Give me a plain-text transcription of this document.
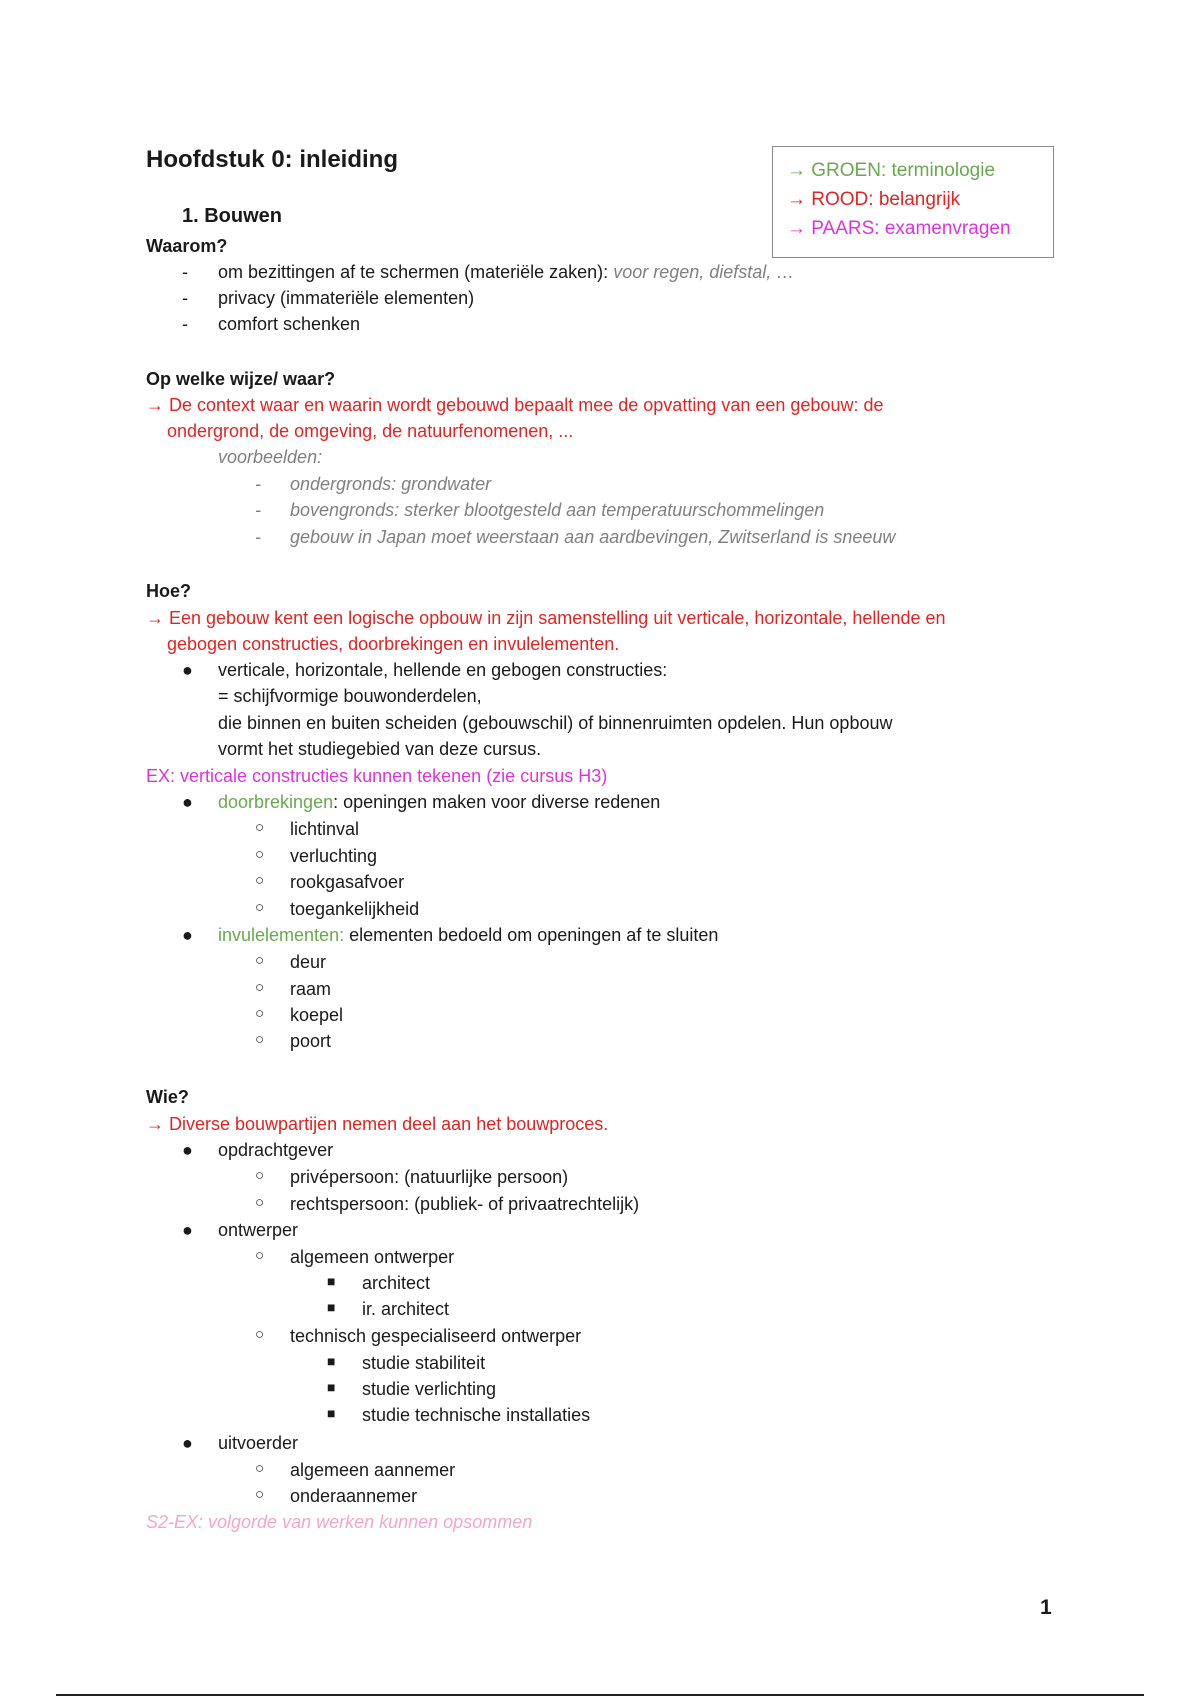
Hoofdstuk 0: inleiding	→ GROEN: terminologie
→ ROOD: belangrijk
→ PAARS: examenvragen
1. Bouwen
Waarom?
- om bezittingen af te schermen (materiële zaken): voor regen, diefstal, …
- privacy (immateriële elementen)
- comfort schenken
Op welke wijze/ waar?
→ De context waar en waarin wordt gebouwd bepaalt mee de opvatting van een gebouw: de
ondergrond, de omgeving, de natuurfenomenen, ...
voorbeelden:
- ondergronds: grondwater
- bovengronds: sterker blootgesteld aan temperatuurschommelingen
- gebouw in Japan moet weerstaan aan aardbevingen, Zwitserland is sneeuw
Hoe?
→ Een gebouw kent een logische opbouw in zijn samenstelling uit verticale, horizontale, hellende en
gebogen constructies, doorbrekingen en invulelementen.
● verticale, horizontale, hellende en gebogen constructies:
= schijfvormige bouwonderdelen,
die binnen en buiten scheiden (gebouwschil) of binnenruimten opdelen. Hun opbouw
vormt het studiegebied van deze cursus.
EX: verticale constructies kunnen tekenen (zie cursus H3)
● doorbrekingen: openingen maken voor diverse redenen
○ lichtinval
○ verluchting
○ rookgasafvoer
○ toegankelijkheid
● invulelementen: elementen bedoeld om openingen af te sluiten
○ deur
○ raam
○ koepel
○ poort
Wie?
→ Diverse bouwpartijen nemen deel aan het bouwproces.
● opdrachtgever
○ privépersoon: (natuurlijke persoon)
○ rechtspersoon: (publiek- of privaatrechtelijk)
● ontwerper
○ algemeen ontwerper
■ architect
■ ir. architect
○ technisch gespecialiseerd ontwerper
■ studie stabiliteit
■ studie verlichting
■ studie technische installaties
● uitvoerder
○ algemeen aannemer
○ onderaannemer
S2-EX: volgorde van werken kunnen opsommen
1
